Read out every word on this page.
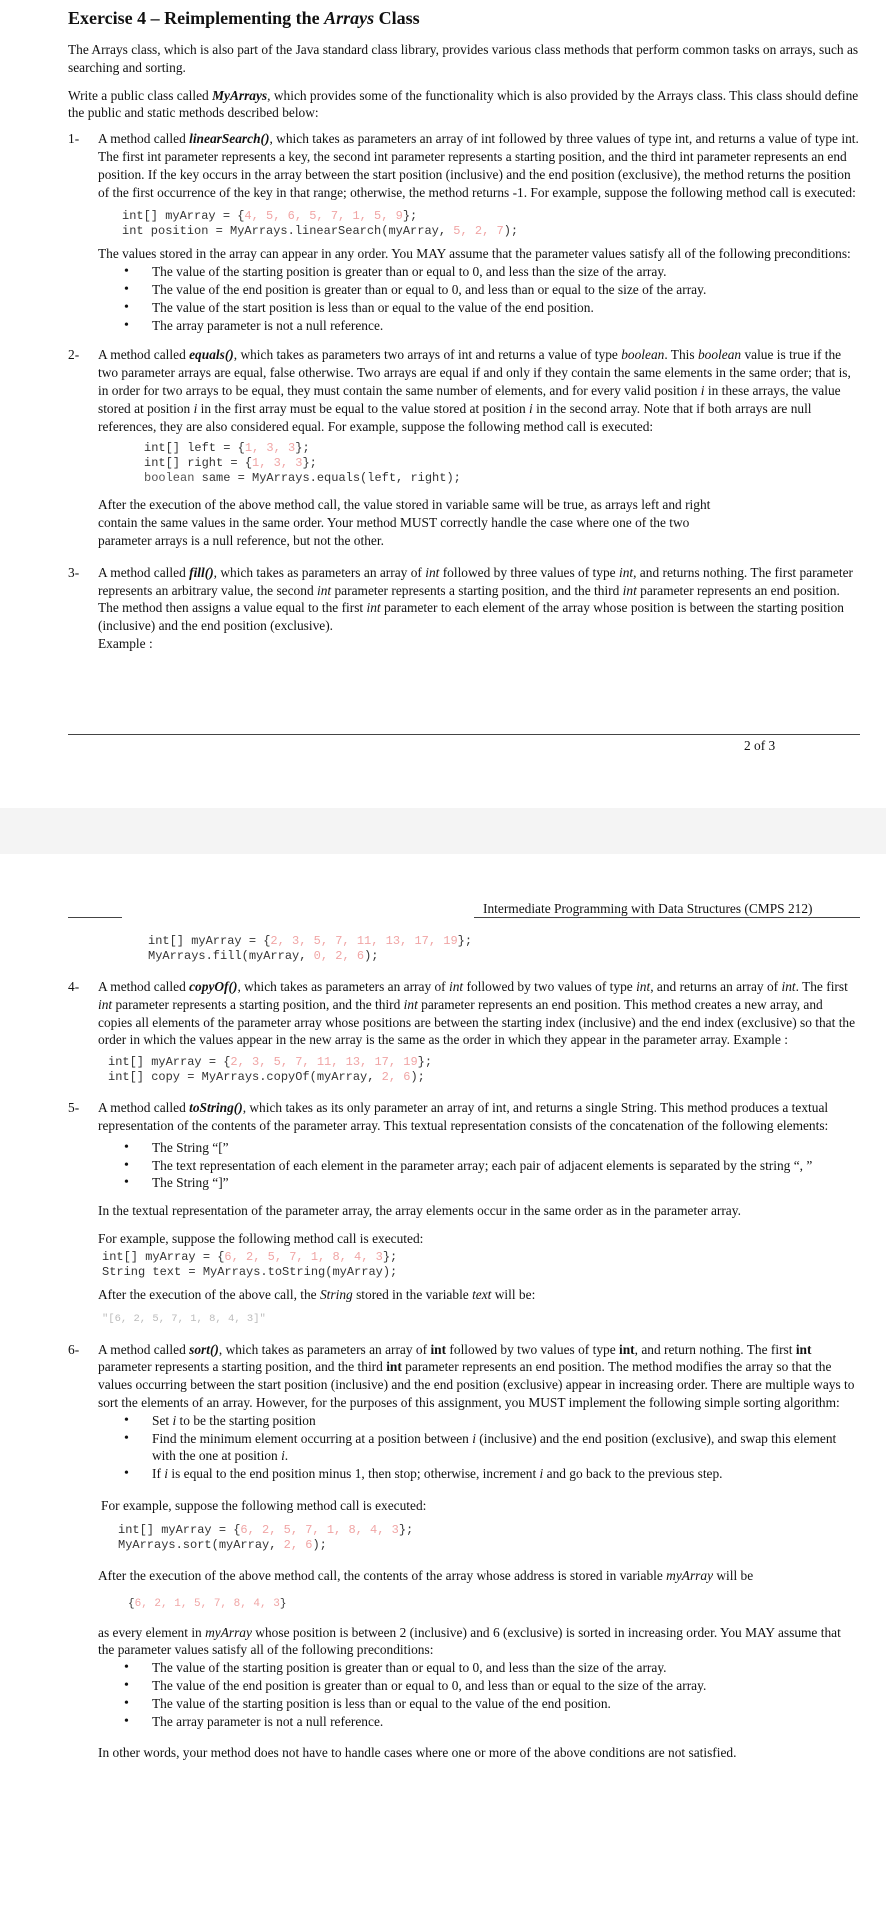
Exercise 4 – Reimplementing the Arrays Class

The Arrays class, which is also part of the Java standard class library, provides various class methods that perform common tasks on arrays, such as searching and sorting.

Write a public class called MyArrays, which provides some of the functionality which is also provided by the Arrays class. This class should define the public and static methods described below:

1-	A method called linearSearch(), which takes as parameters an array of int followed by three values of type int, and returns a value of type int. The first int parameter represents a key, the second int parameter represents a starting position, and the third int parameter represents an end position. If the key occurs in the array between the start position (inclusive) and the end position (exclusive), the method returns the position of the first occurrence of the key in that range; otherwise, the method returns -1. For example, suppose the following method call is executed:

int[] myArray = {4, 5, 6, 5, 7, 1, 5, 9};
int position = MyArrays.linearSearch(myArray, 5, 2, 7);

The values stored in the array can appear in any order. You MAY assume that the parameter values satisfy all of the following preconditions:

• The value of the starting position is greater than or equal to 0, and less than the size of the array.
• The value of the end position is greater than or equal to 0, and less than or equal to the size of the array.
• The value of the start position is less than or equal to the value of the end position.
• The array parameter is not a null reference.
2-	A method called equals(), which takes as parameters two arrays of int and returns a value of type boolean. This boolean value is true if the two parameter arrays are equal, false otherwise. Two arrays are equal if and only if they contain the same elements in the same order; that is, in order for two arrays to be equal, they must contain the same number of elements, and for every valid position i in these arrays, the value stored at position i in the first array must be equal to the value stored at position i in the second array. Note that if both arrays are null references, they are also considered equal. For example, suppose the following method call is executed:

int[] left = {1, 3, 3};
int[] right = {1, 3, 3};
boolean same = MyArrays.equals(left, right);

After the execution of the above method call, the value stored in variable same will be true, as arrays left and right contain the same values in the same order. Your method MUST correctly handle the case where one of the two parameter arrays is a null reference, but not the other.

3-	A method called fill(), which takes as parameters an array of int followed by three values of type int, and returns nothing. The first parameter represents an arbitrary value, the second int parameter represents a starting position, and the third int parameter represents an end position. The method then assigns a value equal to the first int parameter to each element of the array whose position is between the starting position (inclusive) and the end position (exclusive).

Example :

2 of 3
Intermediate Programming with Data Structures (CMPS 212)
int[] myArray = {2, 3, 5, 7, 11, 13, 17, 19};
MyArrays.fill(myArray, 0, 2, 6);
4-	A method called copyOf(), which takes as parameters an array of int followed by two values of type int, and returns an array of int. The first int parameter represents a starting position, and the third int parameter represents an end position. This method creates a new array, and copies all elements of the parameter array whose positions are between the starting index (inclusive) and the end index (exclusive) so that the order in which the values appear in the new array is the same as the order in which they appear in the parameter array. Example :

int[] myArray = {2, 3, 5, 7, 11, 13, 17, 19};
int[] copy = MyArrays.copyOf(myArray, 2, 6);
5-	A method called toString(), which takes as its only parameter an array of int, and returns a single String. This method produces a textual representation of the contents of the parameter array. This textual representation consists of the concatenation of the following elements:

• The String “[”
• The text representation of each element in the parameter array; each pair of adjacent elements is separated by the string “, ”
• The String “]”

In the textual representation of the parameter array, the array elements occur in the same order as in the parameter array.

For example, suppose the following method call is executed:

int[] myArray = {6, 2, 5, 7, 1, 8, 4, 3};
String text = MyArrays.toString(myArray);

After the execution of the above call, the String stored in the variable text will be:

"[6, 2, 5, 7, 1, 8, 4, 3]"
6-	A method called sort(), which takes as parameters an array of int followed by two values of type int, and return nothing. The first int parameter represents a starting position, and the third int parameter represents an end position. The method modifies the array so that the values occurring between the start position (inclusive) and the end position (exclusive) appear in increasing order. There are multiple ways to sort the elements of an array. However, for the purposes of this assignment, you MUST implement the following simple sorting algorithm:

• Set i to be the starting position
• Find the minimum element occurring at a position between i (inclusive) and the end position (exclusive), and swap this element with the one at position i.
• If i is equal to the end position minus 1, then stop; otherwise, increment i and go back to the previous step.

For example, suppose the following method call is executed:

int[] myArray = {6, 2, 5, 7, 1, 8, 4, 3};
MyArrays.sort(myArray, 2, 6);

After the execution of the above method call, the contents of the array whose address is stored in variable myArray will be

{6, 2, 1, 5, 7, 8, 4, 3}

as every element in myArray whose position is between 2 (inclusive) and 6 (exclusive) is sorted in increasing order. You MAY assume that the parameter values satisfy all of the following preconditions:

• The value of the starting position is greater than or equal to 0, and less than the size of the array.
• The value of the end position is greater than or equal to 0, and less than or equal to the size of the array.
• The value of the starting position is less than or equal to the value of the end position.
• The array parameter is not a null reference.

In other words, your method does not have to handle cases where one or more of the above conditions are not satisfied.
